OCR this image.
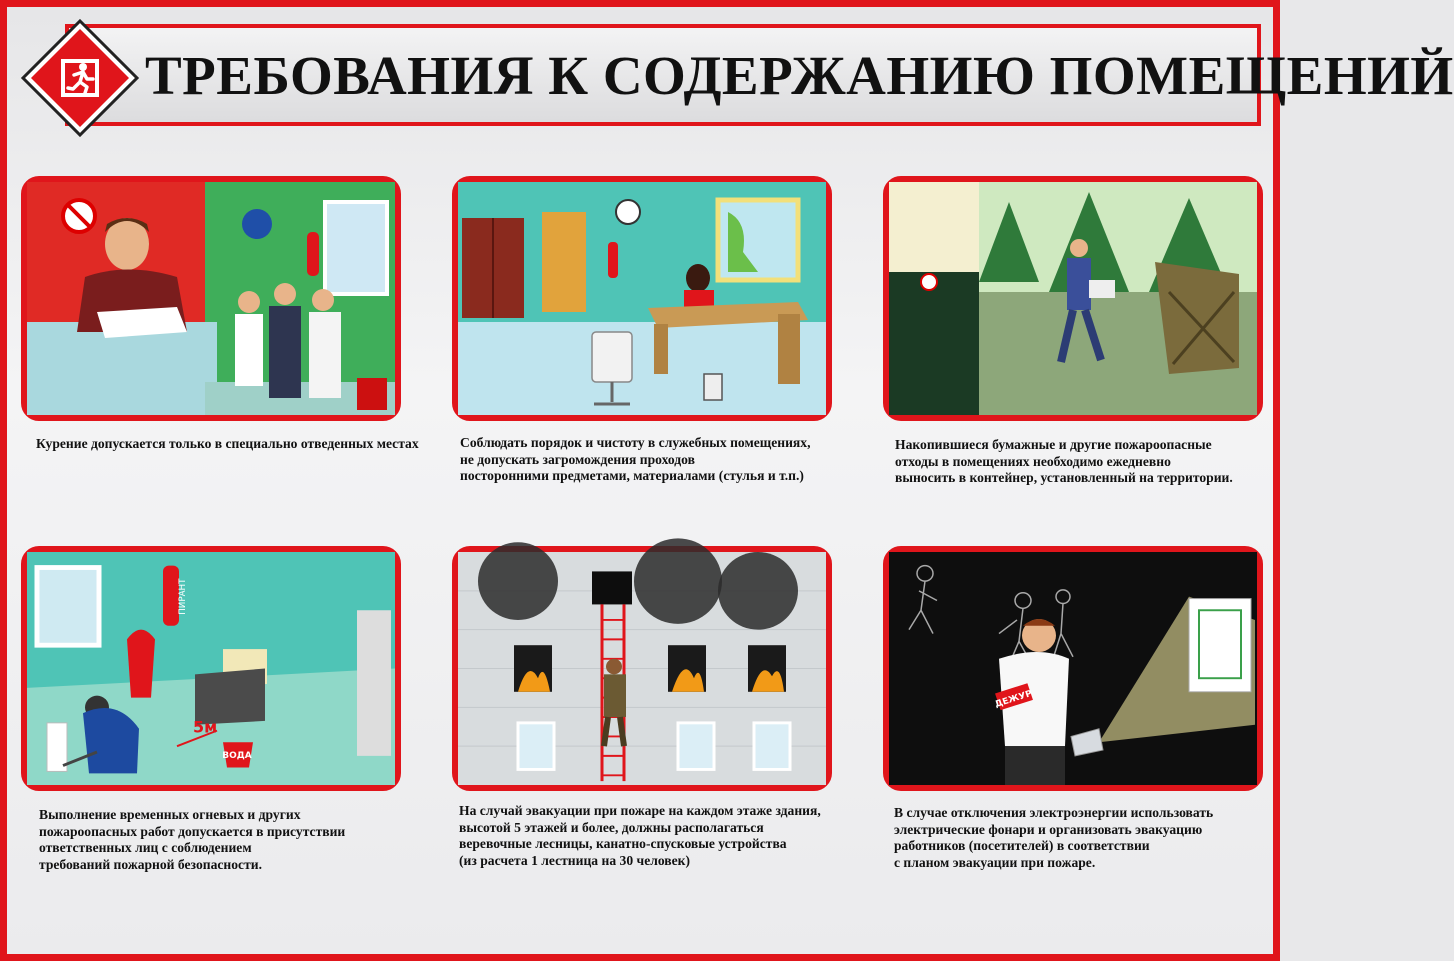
ТРЕБОВАНИЯ К СОДЕРЖАНИЮ ПОМЕЩЕНИЙ
Курение допускается только в специально отведенных местах	Соблюдать порядок и чистоту в служебных помещениях,
не допускать загромождения проходов
посторонними предметами, материалами (стулья и т.п.)
Накопившиеся бумажные и другие пожароопасные
отходы в помещениях необходимо ежедневно
выносить в контейнер, установленный на территории.
ПИРАНТ
ВОДА
5м
Выполнение временных огневых и других
пожароопасных работ допускается в присутствии
ответственных лиц с соблюдением
требований пожарной безопасности.
На случай эвакуации при пожаре на каждом этаже здания,
высотой 5 этажей и более, должны располагаться
веревочные лесницы, канатно-спусковые устройства
(из расчета 1 лестница на 30 человек)
ДЕЖУР
В случае отключения электроэнергии использовать
электрические фонари и организовать эвакуацию
работников (посетителей) в соответствии
с планом эвакуации при пожаре.
